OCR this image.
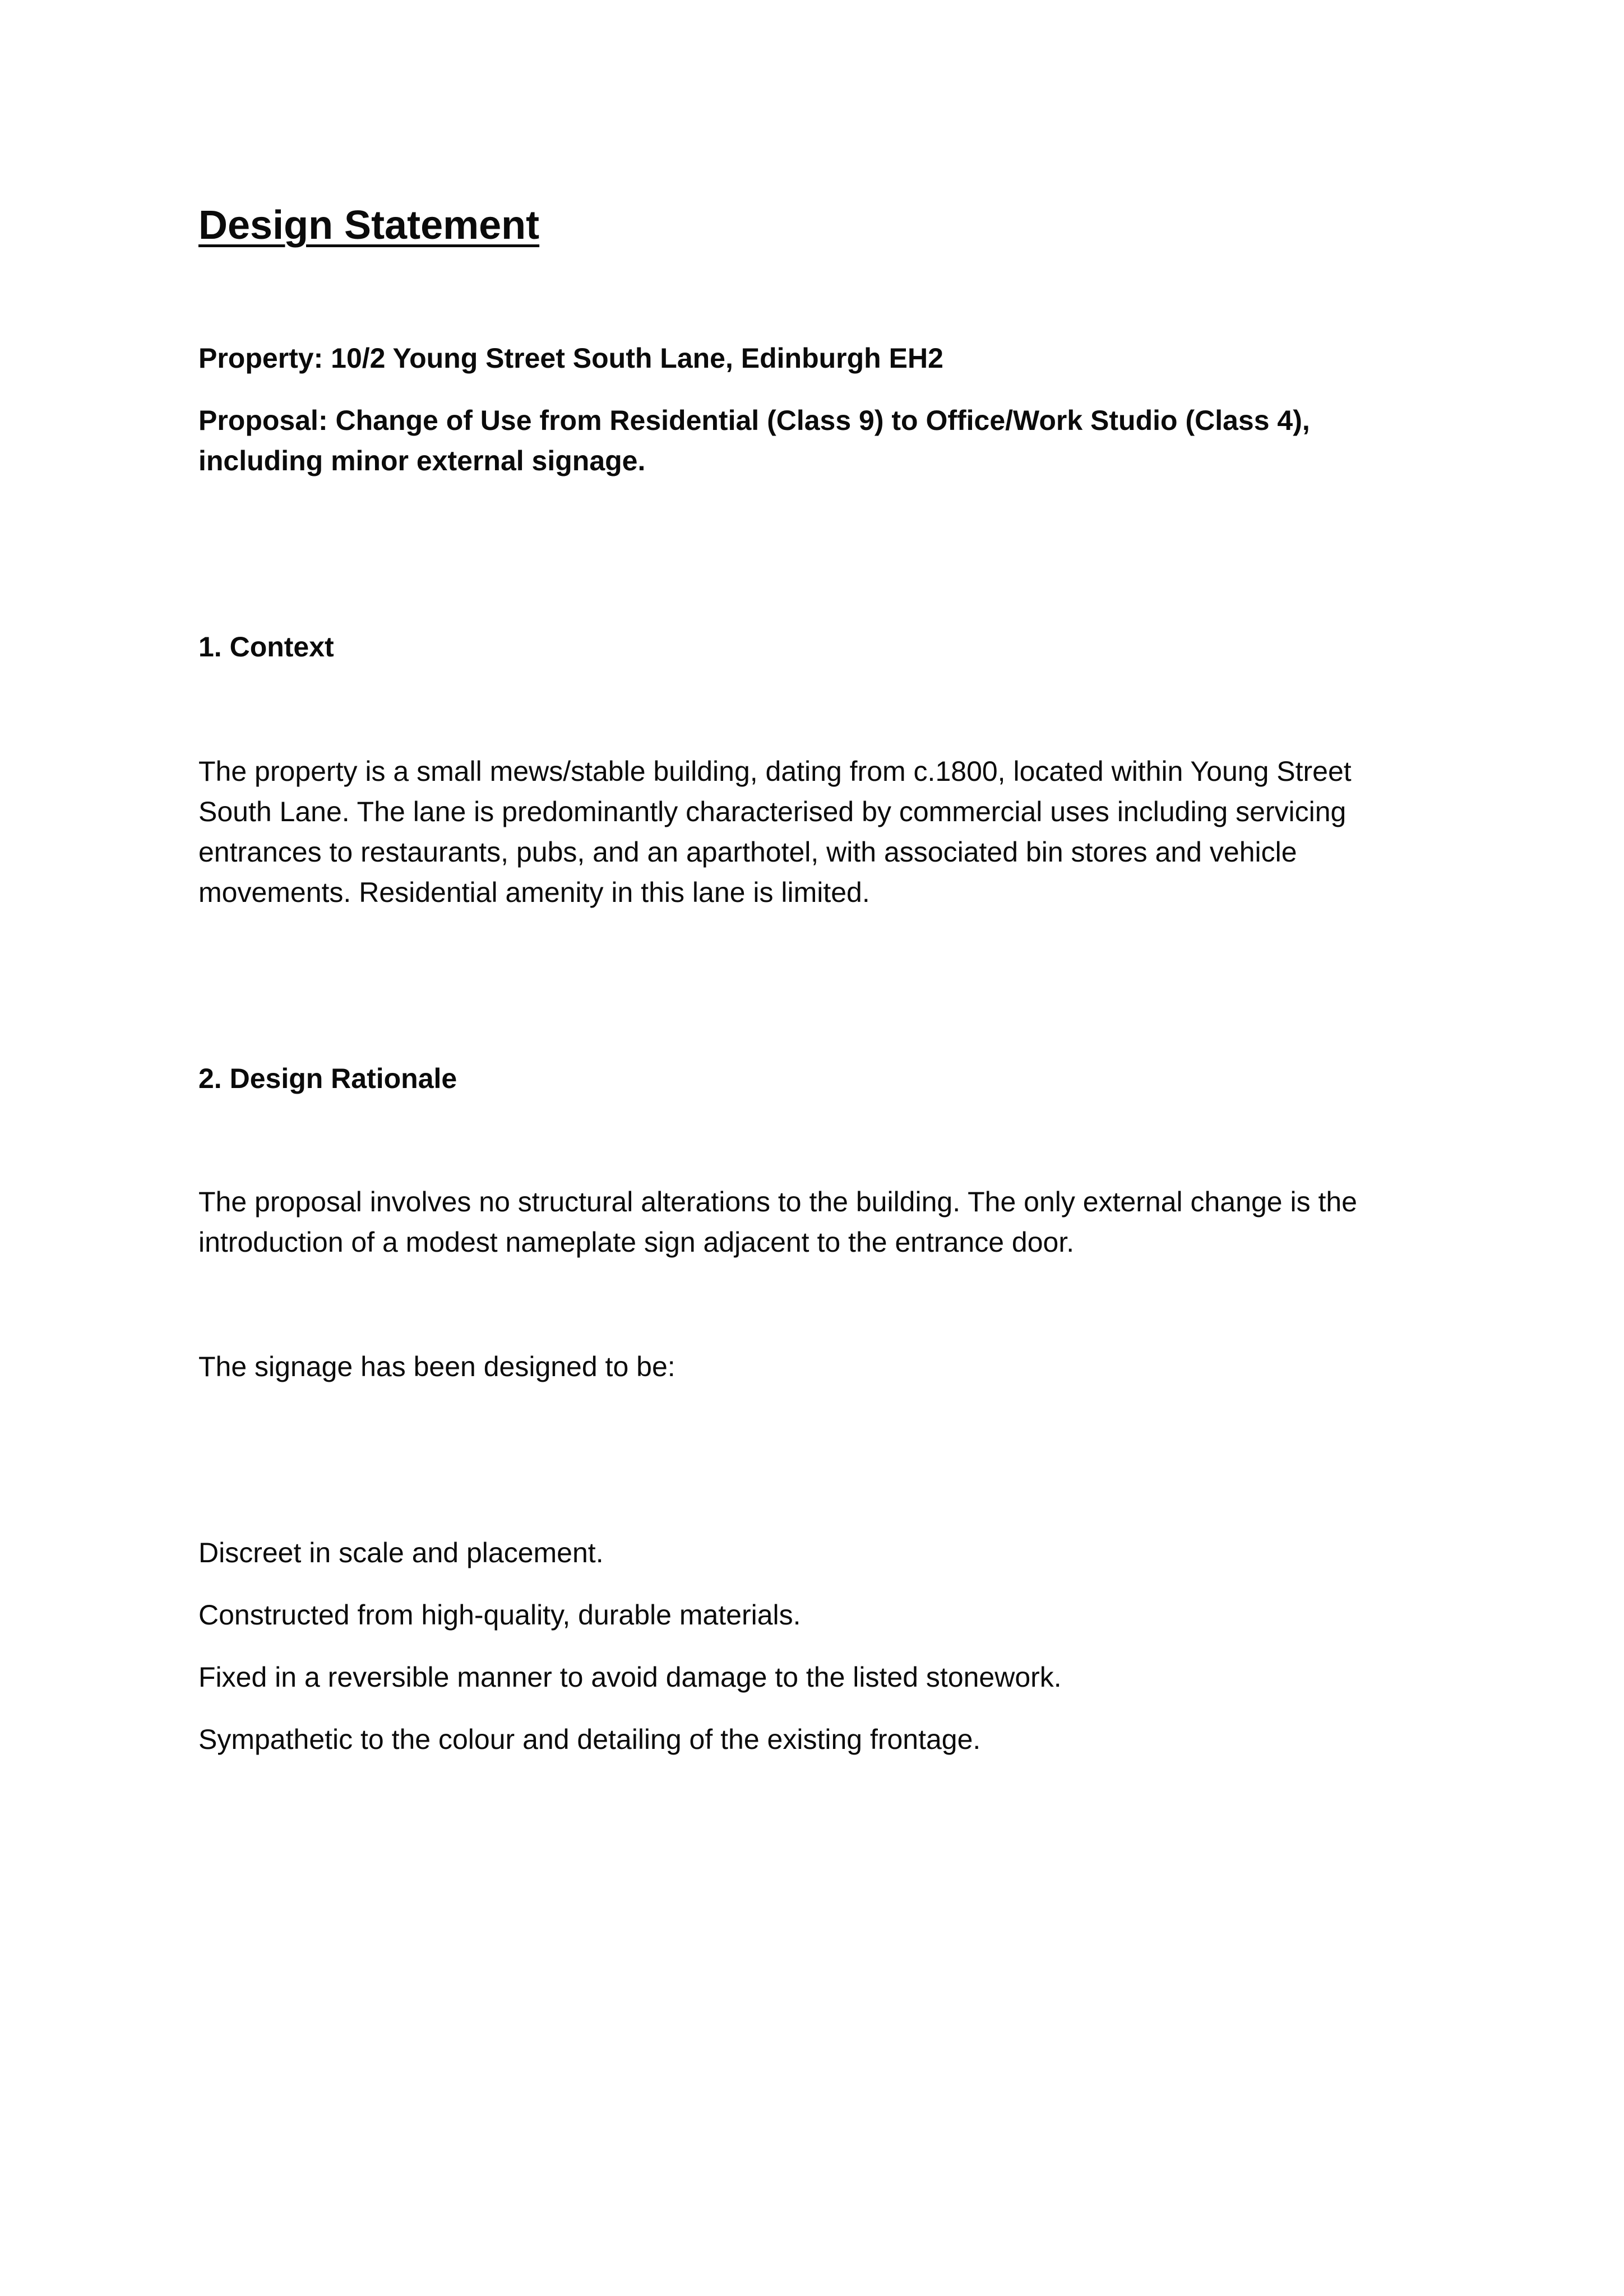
Design Statement

Property: 10/2 Young Street South Lane, Edinburgh EH2

Proposal: Change of Use from Residential (Class 9) to Office/Work Studio (Class 4),

including minor external signage.

1. Context

The property is a small mews/stable building, dating from c.1800, located within Young Street

South Lane. The lane is predominantly characterised by commercial uses including servicing

entrances to restaurants, pubs, and an aparthotel, with associated bin stores and vehicle

movements. Residential amenity in this lane is limited.

2. Design Rationale

The proposal involves no structural alterations to the building. The only external change is the

introduction of a modest nameplate sign adjacent to the entrance door.

The signage has been designed to be:

Discreet in scale and placement.

Constructed from high-quality, durable materials.

Fixed in a reversible manner to avoid damage to the listed stonework.

Sympathetic to the colour and detailing of the existing frontage.
